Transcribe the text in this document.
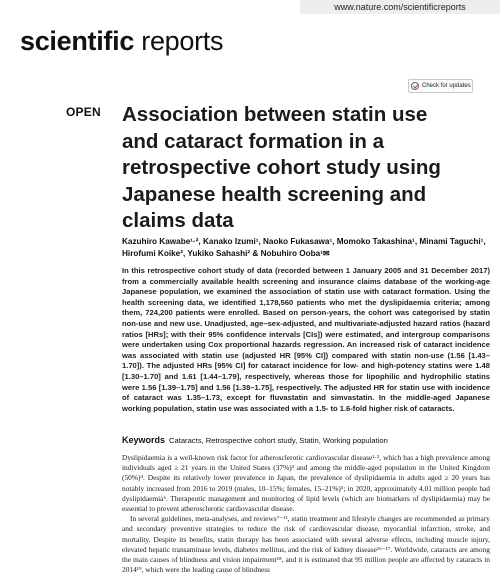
www.nature.com/scientificreports
scientific reports
Check for updates
OPEN Association between statin use and cataract formation in a retrospective cohort study using Japanese health screening and claims data
Kazuhiro Kawabe¹·², Kanako Izumi¹, Naoko Fukasawa¹, Momoko Takashina¹, Minami Taguchi¹, Hirofumi Koike², Yukiko Sahashi² & Nobuhiro Ooba¹✉
In this retrospective cohort study of data (recorded between 1 January 2005 and 31 December 2017) from a commercially available health screening and insurance claims database of the working-age Japanese population, we examined the association of statin use with cataract formation. Using the health screening data, we identified 1,178,560 patients who met the dyslipidaemia criteria; among them, 724,200 patients were enrolled. Based on person-years, the cohort was categorised by statin non-use and new use. Unadjusted, age–sex-adjusted, and multivariate-adjusted hazard ratios (hazard ratios [HRs]; with their 95% confidence intervals [CIs]) were estimated, and intergroup comparisons were undertaken using Cox proportional hazards regression. An increased risk of cataract incidence was associated with statin use (adjusted HR [95% CI]) compared with statin non-use (1.56 [1.43–1.70]). The adjusted HRs [95% CI] for cataract incidence for low- and high-potency statins were 1.48 [1.30–1.70] and 1.61 [1.44–1.79], respectively, whereas those for lipophilic and hydrophilic statins were 1.56 [1.39–1.75] and 1.56 [1.38–1.75], respectively. The adjusted HR for statin use with incidence of cataract was 1.35–1.73, except for fluvastatin and simvastatin. In the middle-aged Japanese working population, statin use was associated with a 1.5- to 1.6-fold higher risk of cataracts.
Keywords Cataracts, Retrospective cohort study, Statin, Working population

Dyslipidaemia is a well-known risk factor for atherosclerotic cardiovascular disease¹·², which has a high prevalence among individuals aged ≥ 21 years in the United States (37%)³ and among the middle-aged population in the United Kingdom (50%)⁴. Despite its relatively lower prevalence in Japan, the prevalence of dyslipidaemia in adults aged ≥ 20 years has notably increased from 2016 to 2019 (males, 10–15%; females, 15–21%)⁵; in 2020, approximately 4.01 million people had dyslipidaemia⁶. Therapeutic management and monitoring of lipid levels (which are biomarkers of dyslipidaemia) may be essential to prevent atherosclerotic cardiovascular disease.

In several guidelines, meta-analyses, and reviews⁷⁻¹¹, statin treatment and lifestyle changes are recommended as primary and secondary preventive strategies to reduce the risk of cardiovascular disease, myocardial infarction, stroke, and mortality. Despite its benefits, statin therapy has been associated with several adverse effects, including muscle injury, elevated hepatic transaminase levels, diabetes mellitus, and the risk of kidney disease¹⁶⁻¹⁷. Worldwide, cataracts are among the main causes of blindness and vision impairment¹⁸, and it is estimated that 95 million people are affected by cataracts in 2014¹⁹, which were the leading cause of blindness
